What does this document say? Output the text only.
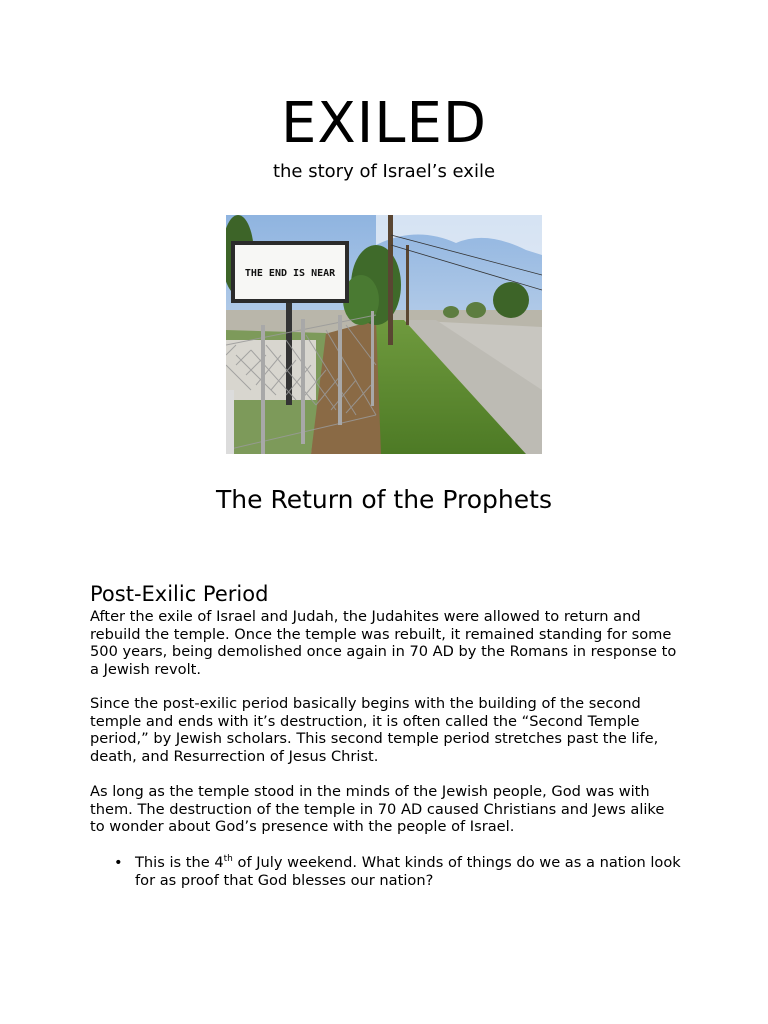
EXILED
the story of Israel’s exile
THE END IS NEAR
The Return of the Prophets
Post-Exilic Period
After the exile of Israel and Judah, the Judahites were allowed to return and rebuild the temple. Once the temple was rebuilt, it remained standing for some 500 years, being demolished once again in 70 AD by the Romans in response to a Jewish revolt.
Since the post-exilic period basically begins with the building of the second temple and ends with it’s destruction, it is often called the “Second Temple period,” by Jewish scholars. This second temple period stretches past the life, death, and Resurrection of Jesus Christ.
As long as the temple stood in the minds of the Jewish people, God was with them. The destruction of the temple in 70 AD caused Christians and Jews alike to wonder about God’s presence with the people of Israel.
• This is the 4th of July weekend. What kinds of things do we as a nation look for as proof that God blesses our nation?
